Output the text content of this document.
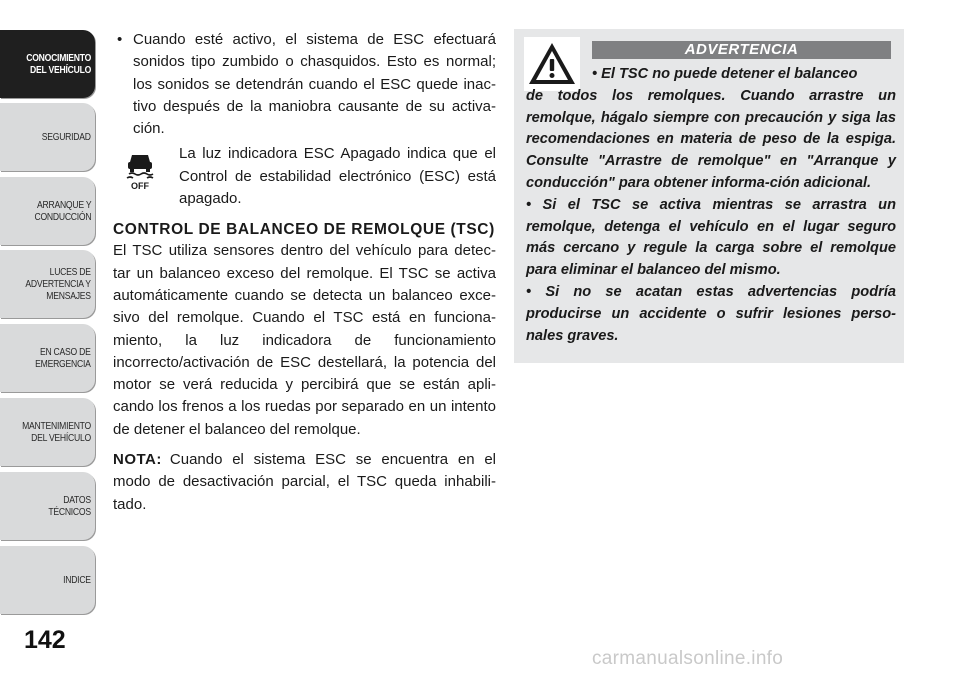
CONOCIMIENTO
DEL VEHÍCULO
SEGURIDAD
ARRANQUE Y
CONDUCCIÓN
LUCES DE
ADVERTENCIA Y
MENSAJES
EN CASO DE
EMERGENCIA
MANTENIMIENTO
DEL VEHÍCULO
DATOS
TÉCNICOS
INDICE
142
• Cuando esté activo, el sistema de ESC efectuará sonidos tipo zumbido o chasquidos. Esto es normal; los sonidos se detendrán cuando el ESC quede inac-tivo después de la maniobra causante de su activa-ción.
OFF
La luz indicadora ESC Apagado indica que el Control de estabilidad electrónico (ESC) está apagado.
CONTROL DE BALANCEO DE REMOLQUE (TSC)

El TSC utiliza sensores dentro del vehículo para detec-tar un balanceo exceso del remolque. El TSC se activa automáticamente cuando se detecta un balanceo exce-sivo del remolque. Cuando el TSC está en funciona-miento, la luz indicadora de funcionamiento incorrecto/activación de ESC destellará, la potencia del motor se verá reducida y percibirá que se están apli-cando los frenos a los ruedas por separado en un intento de detener el balanceo del remolque.

NOTA: Cuando el sistema ESC se encuentra en el modo de desactivación parcial, el TSC queda inhabili-tado.

ADVERTENCIA
• El TSC no puede detener el balanceo
de todos los remolques. Cuando arrastre un remolque, hágalo siempre con precaución y siga las recomendaciones en materia de peso de la espiga. Consulte "Arrastre de remolque" en "Arranque y conducción" para obtener informa-ción adicional.
• Si el TSC se activa mientras se arrastra un remolque, detenga el vehículo en el lugar seguro más cercano y regule la carga sobre el remolque para eliminar el balanceo del mismo.
• Si no se acatan estas advertencias podría producirse un accidente o sufrir lesiones perso-nales graves.
carmanualsonline.info
